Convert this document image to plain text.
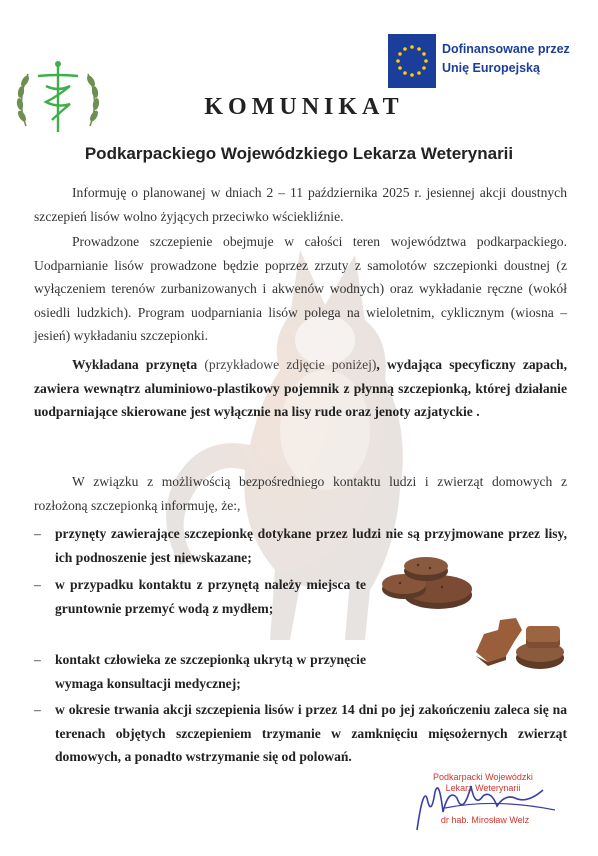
Dofinansowane przez
Unię Europejską
KOMUNIKAT
Podkarpackiego Wojewódzkiego Lekarza Weterynarii
Informuję o planowanej w dniach 2 – 11 października 2025 r. jesiennej akcji doustnych szczepień lisów wolno żyjących przeciwko wściekliźnie.
Prowadzone szczepienie obejmuje w całości teren województwa podkarpackiego. Uodparnianie lisów prowadzone będzie poprzez zrzuty z samolotów szczepionki doustnej (z wyłączeniem terenów zurbanizowanych i akwenów wodnych) oraz wykładanie ręczne (wokół osiedli ludzkich). Program uodparniania lisów polega na wieloletnim, cyklicznym (wiosna – jesień) wykładaniu szczepionki.
Wykładana przynęta (przykładowe zdjęcie poniżej), wydająca specyficzny zapach, zawiera wewnątrz aluminiowo-plastikowy pojemnik z płynną szczepionką, której działanie uodparniające skierowane jest wyłącznie na lisy rude oraz jenoty azjatyckie .
W związku z możliwością bezpośredniego kontaktu ludzi i zwierząt domowych z rozłożoną szczepionką informuję, że:,
– przynęty zawierające szczepionkę dotykane przez ludzi nie są przyjmowane przez lisy, ich podnoszenie jest niewskazane;
– w przypadku kontaktu z przynętą należy miejsca te gruntownie przemyć wodą z mydłem;
– kontakt człowieka ze szczepionką ukrytą w przynęcie wymaga konsultacji medycznej;
– w okresie trwania akcji szczepienia lisów i przez 14 dni po jej zakończeniu zaleca się na terenach objętych szczepieniem trzymanie w zamknięciu mięsożernych zwierząt domowych, a ponadto wstrzymanie się od polowań.
Podkarpacki Wojewódzki
Lekarz Weterynarii
dr hab. Mirosław Welz
